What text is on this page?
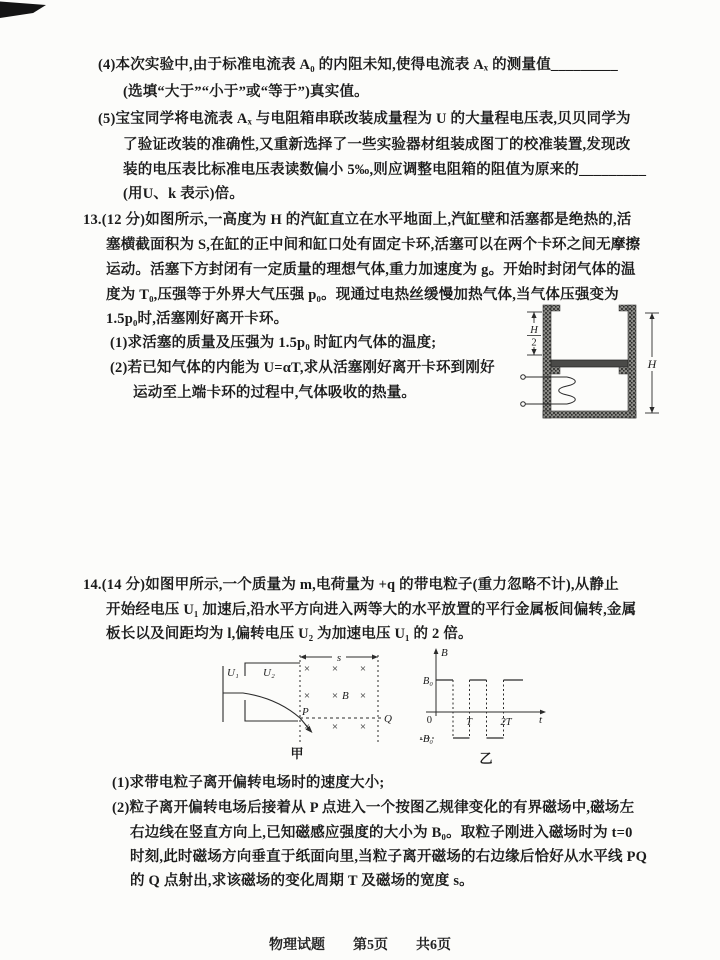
(4)本次实验中,由于标准电流表 A₀ 的内阻未知,使得电流表 Aₓ 的测量值_________
(选填“大于”“小于”或“等于”)真实值。
(5)宝宝同学将电流表 Aₓ 与电阻箱串联改装成量程为 U 的大量程电压表,贝贝同学为
了验证改装的准确性,又重新选择了一些实验器材组装成图丁的校准装置,发现改
装的电压表比标准电压表读数偏小 5‰,则应调整电阻箱的阻值为原来的_________
(用U、k 表示)倍。
13.(12 分)如图所示,一高度为 H 的汽缸直立在水平地面上,汽缸壁和活塞都是绝热的,活
塞横截面积为 S,在缸的正中间和缸口处有固定卡环,活塞可以在两个卡环之间无摩擦
运动。活塞下方封闭有一定质量的理想气体,重力加速度为 g。开始时封闭气体的温
度为 T₀,压强等于外界大气压强 p₀。现通过电热丝缓慢加热气体,当气体压强变为
1.5p₀时,活塞刚好离开卡环。
(1)求活塞的质量及压强为 1.5p₀ 时缸内气体的温度;
(2)若已知气体的内能为 U=αT,求从活塞刚好离开卡环到刚好
运动至上端卡环的过程中,气体吸收的热量。
H
2
H
14.(14 分)如图甲所示,一个质量为 m,电荷量为 +q 的带电粒子(重力忽略不计),从静止
开始经电压 U₁ 加速后,沿水平方向进入两等大的水平放置的平行金属板间偏转,金属
板长以及间距均为 l,偏转电压 U₂ 为加速电压 U₁ 的 2 倍。
U₁ U₂
s
× × ×
× × ×
× × ×
B
P
Q
甲
B
t
B₀
-B₀
0	T	2T
乙
(1)求带电粒子离开偏转电场时的速度大小;
(2)粒子离开偏转电场后接着从 P 点进入一个按图乙规律变化的有界磁场中,磁场左
右边线在竖直方向上,已知磁感应强度的大小为 B₀。取粒子刚进入磁场时为 t=0
时刻,此时磁场方向垂直于纸面向里,当粒子离开磁场的右边缘后恰好从水平线 PQ
的 Q 点射出,求该磁场的变化周期 T 及磁场的宽度 s。
物理试题 第5页 共6页
